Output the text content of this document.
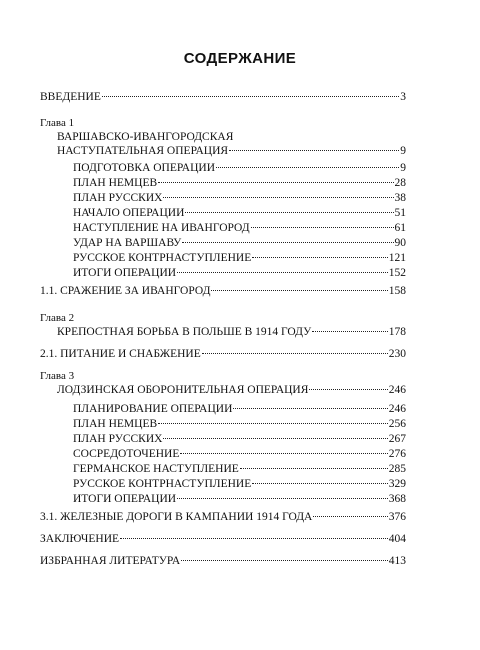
СОДЕРЖАНИЕ
ВВЕДЕНИЕ	3
Глава 1
ВАРШАВСКО-ИВАНГОРОДСКАЯ
НАСТУПАТЕЛЬНАЯ ОПЕРАЦИЯ	9
ПОДГОТОВКА ОПЕРАЦИИ	9
ПЛАН НЕМЦЕВ	28
ПЛАН РУССКИХ	38
НАЧАЛО ОПЕРАЦИИ	51
НАСТУПЛЕНИЕ НА ИВАНГОРОД	61
УДАР НА ВАРШАВУ	90
РУССКОЕ КОНТРНАСТУПЛЕНИЕ	121
ИТОГИ ОПЕРАЦИИ	152
1.1. СРАЖЕНИЕ ЗА ИВАНГОРОД	158
Глава 2
КРЕПОСТНАЯ БОРЬБА В ПОЛЬШЕ В 1914 ГОДУ	178
2.1. ПИТАНИЕ И СНАБЖЕНИЕ	230
Глава 3
ЛОДЗИНСКАЯ ОБОРОНИТЕЛЬНАЯ ОПЕРАЦИЯ	246
ПЛАНИРОВАНИЕ ОПЕРАЦИИ	246
ПЛАН НЕМЦЕВ	256
ПЛАН РУССКИХ	267
СОСРЕДОТОЧЕНИЕ	276
ГЕРМАНСКОЕ НАСТУПЛЕНИЕ	285
РУССКОЕ КОНТРНАСТУПЛЕНИЕ	329
ИТОГИ ОПЕРАЦИИ	368
3.1. ЖЕЛЕЗНЫЕ ДОРОГИ В КАМПАНИИ 1914 ГОДА	376
ЗАКЛЮЧЕНИЕ	404
ИЗБРАННАЯ ЛИТЕРАТУРА	413
